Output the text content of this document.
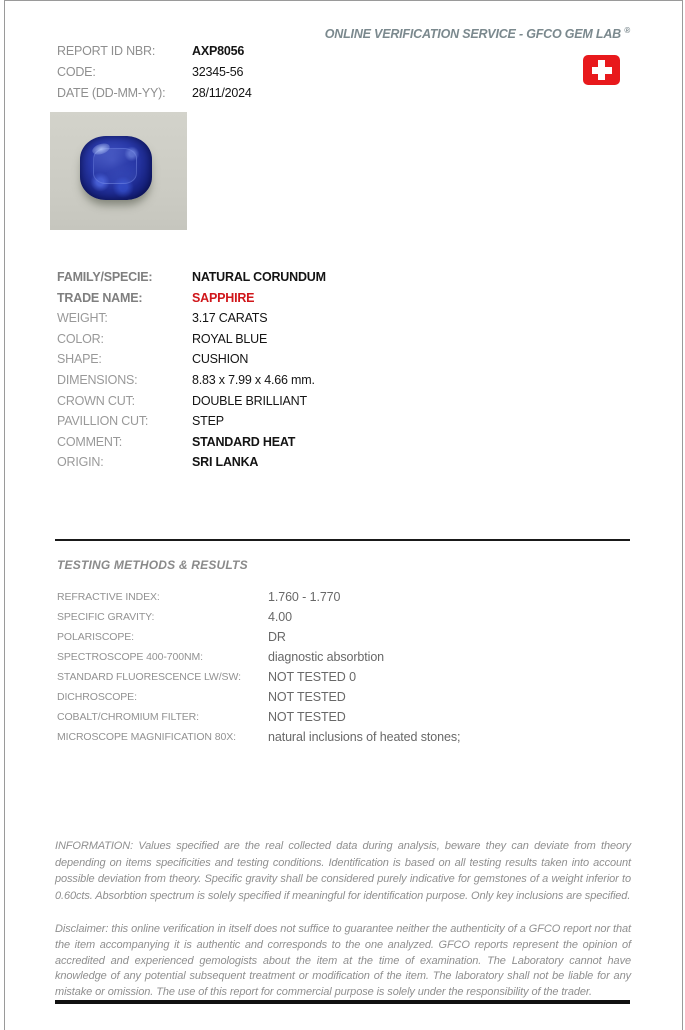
ONLINE VERIFICATION SERVICE - GFCO GEM LAB ®
REPORT ID NBR:	AXP8056
CODE:	32345-56
DATE (DD-MM-YY):	28/11/2024
FAMILY/SPECIE:	NATURAL CORUNDUM
TRADE NAME:	SAPPHIRE
WEIGHT:	3.17 CARATS
COLOR:	ROYAL BLUE
SHAPE:	CUSHION
DIMENSIONS:	8.83 x 7.99 x 4.66 mm.
CROWN CUT:	DOUBLE BRILLIANT
PAVILLION CUT:	STEP
COMMENT:	STANDARD HEAT
ORIGIN:	SRI LANKA
TESTING METHODS & RESULTS
REFRACTIVE INDEX:	1.760 - 1.770
SPECIFIC GRAVITY:	4.00
POLARISCOPE:	DR
SPECTROSCOPE 400-700NM:	diagnostic absorbtion
STANDARD FLUORESCENCE LW/SW:	NOT TESTED 0
DICHROSCOPE:	NOT TESTED
COBALT/CHROMIUM FILTER:	NOT TESTED
MICROSCOPE MAGNIFICATION 80X:	natural inclusions of heated stones;
INFORMATION: Values specified are the real collected data during analysis, beware they can deviate from theory depending on items specificities and testing conditions. Identification is based on all testing results taken into account possible deviation from theory. Specific gravity shall be considered purely indicative for gemstones of a weight inferior to 0.60cts. Absorbtion spectrum is solely specified if meaningful for identification purpose. Only key inclusions are specified.
Disclaimer: this online verification in itself does not suffice to guarantee neither the authenticity of a GFCO report nor that the item accompanying it is authentic and corresponds to the one analyzed. GFCO reports represent the opinion of accredited and experienced gemologists about the item at the time of examination. The Laboratory cannot have knowledge of any potential subsequent treatment or modification of the item. The laboratory shall not be liable for any mistake or omission. The use of this report for commercial purpose is solely under the responsibility of the trader.
